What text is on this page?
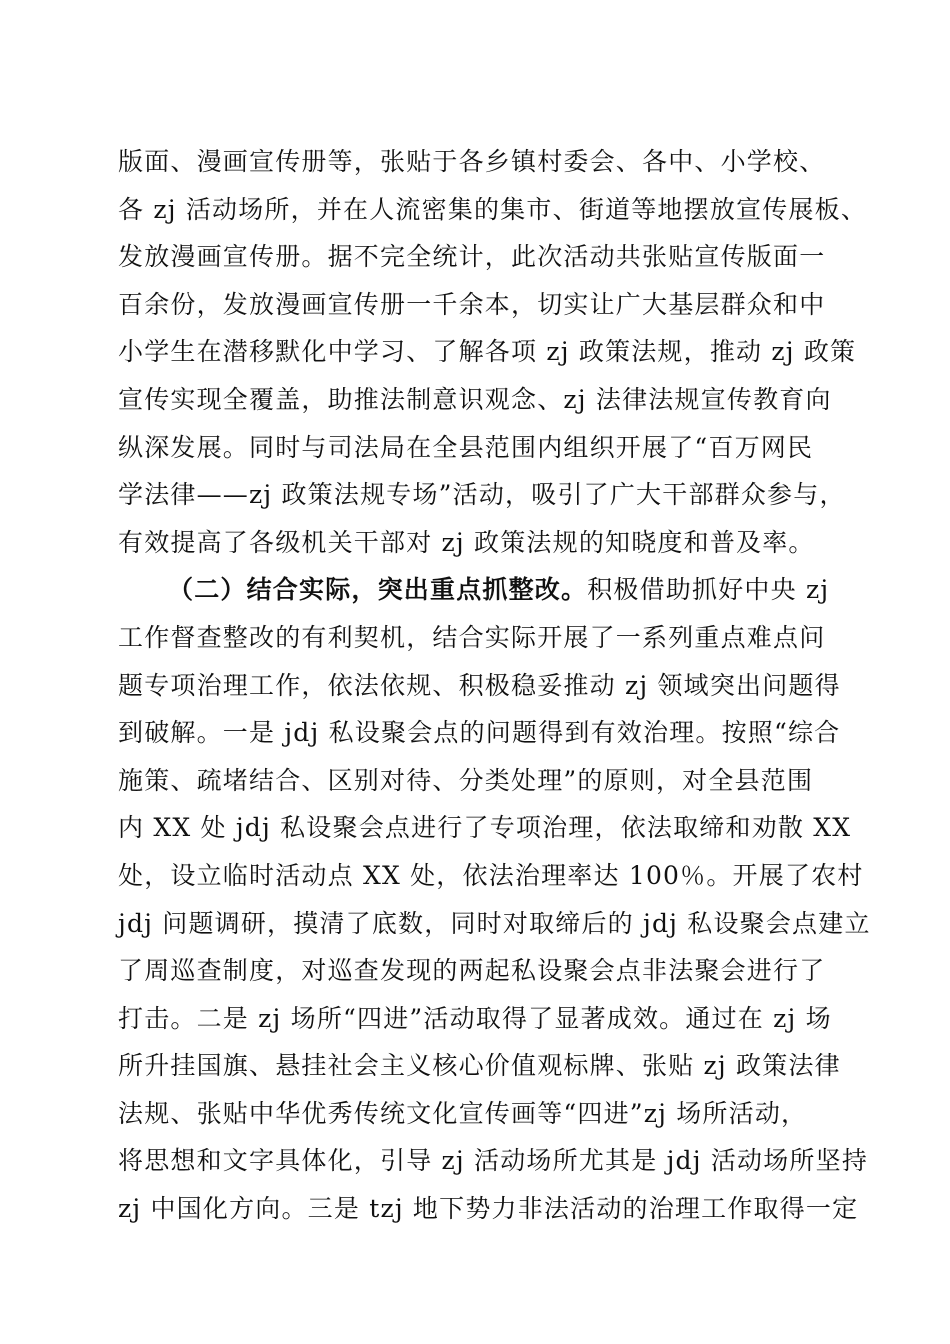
版面、漫画宣传册等，张贴于各乡镇村委会、各中、小学校、
各 zj 活动场所，并在人流密集的集市、街道等地摆放宣传展板、
发放漫画宣传册。据不完全统计，此次活动共张贴宣传版面一
百余份，发放漫画宣传册一千余本，切实让广大基层群众和中
小学生在潜移默化中学习、了解各项 zj 政策法规，推动 zj 政策
宣传实现全覆盖，助推法制意识观念、zj 法律法规宣传教育向
纵深发展。同时与司法局在全县范围内组织开展了“百万网民
学法律——zj 政策法规专场”活动，吸引了广大干部群众参与，
有效提高了各级机关干部对 zj 政策法规的知晓度和普及率。
（二）结合实际，突出重点抓整改。积极借助抓好中央 zj
工作督查整改的有利契机，结合实际开展了一系列重点难点问
题专项治理工作，依法依规、积极稳妥推动 zj 领域突出问题得
到破解。一是 jdj 私设聚会点的问题得到有效治理。按照“综合
施策、疏堵结合、区别对待、分类处理”的原则，对全县范围
内 XX 处 jdj 私设聚会点进行了专项治理，依法取缔和劝散 XX
处，设立临时活动点 XX 处，依法治理率达 100％。开展了农村
jdj 问题调研，摸清了底数，同时对取缔后的 jdj 私设聚会点建立
了周巡查制度，对巡查发现的两起私设聚会点非法聚会进行了
打击。二是 zj 场所“四进”活动取得了显著成效。通过在 zj 场
所升挂国旗、悬挂社会主义核心价值观标牌、张贴 zj 政策法律
法规、张贴中华优秀传统文化宣传画等“四进”zj 场所活动，
将思想和文字具体化，引导 zj 活动场所尤其是 jdj 活动场所坚持
zj 中国化方向。三是 tzj 地下势力非法活动的治理工作取得一定
